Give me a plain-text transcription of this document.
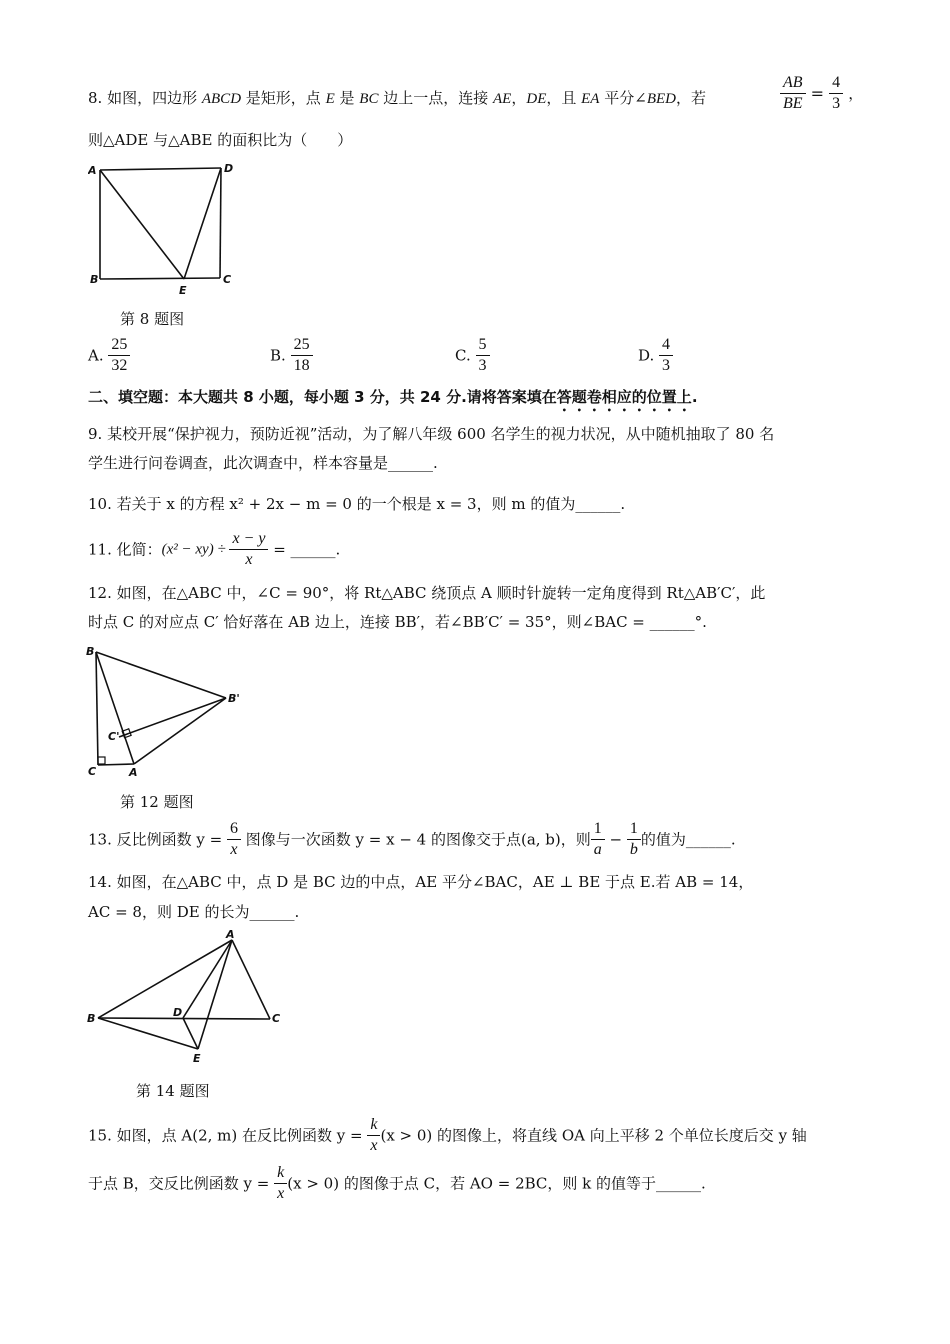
8. 如图，四边形 ABCD 是矩形，点 E 是 BC 边上一点，连接 AE，DE，且 EA 平分∠BED，若	$\frac{AB}{BE} = \frac{4}{3}$ ，
则△ADE 与△ABE 的面积比为（　　）
A	D
B	C
E
第 8 题图
A. $\frac{25}{32}$	B. $\frac{25}{18}$	C. $\frac{5}{3}$	D. $\frac{4}{3}$
二、填空题：本大题共 8 小题，每小题 3 分，共 24 分.请将答案填在答题卷相应的位置上.
9. 某校开展“保护视力，预防近视”活动，为了解八年级 600 名学生的视力状况，从中随机抽取了 80 名
学生进行问卷调查，此次调查中，样本容量是______.
10. 若关于 x 的方程 x² + 2x − m = 0 的一个根是 x = 3，则 m 的值为______.
11. 化简：$(x^2 - xy) \div \frac{x - y}{x}$ = ______.
12. 如图，在△ABC 中，∠C = 90°，将 Rt△ABC 绕顶点 A 顺时针旋转一定角度得到 Rt△AB′C′，此
时点 C 的对应点 C′ 恰好落在 AB 边上，连接 BB′，若∠BB′C′ = 35°，则∠BAC = ______°.
B
B'
C'
C	A
第 12 题图
13. 反比例函数 $y = \frac{6}{x}$ 图像与一次函数 y = x − 4 的图像交于点(a, b)，则 $\frac{1}{a} - \frac{1}{b}$ 的值为______.
14. 如图，在△ABC 中，点 D 是 BC 边的中点，AE 平分∠BAC，AE ⊥ BE 于点 E.若 AB = 14，
AC = 8，则 DE 的长为______.
A
B	D	C
E
第 14 题图
15. 如图，点 A(2, m) 在反比例函数 $y = \frac{k}{x} (x > 0)$ 的图像上，将直线 OA 向上平移 2 个单位长度后交 y 轴
于点 B，交反比例函数 $y = \frac{k}{x} (x > 0)$ 的图像于点 C，若 AO = 2BC，则 k 的值等于______.
